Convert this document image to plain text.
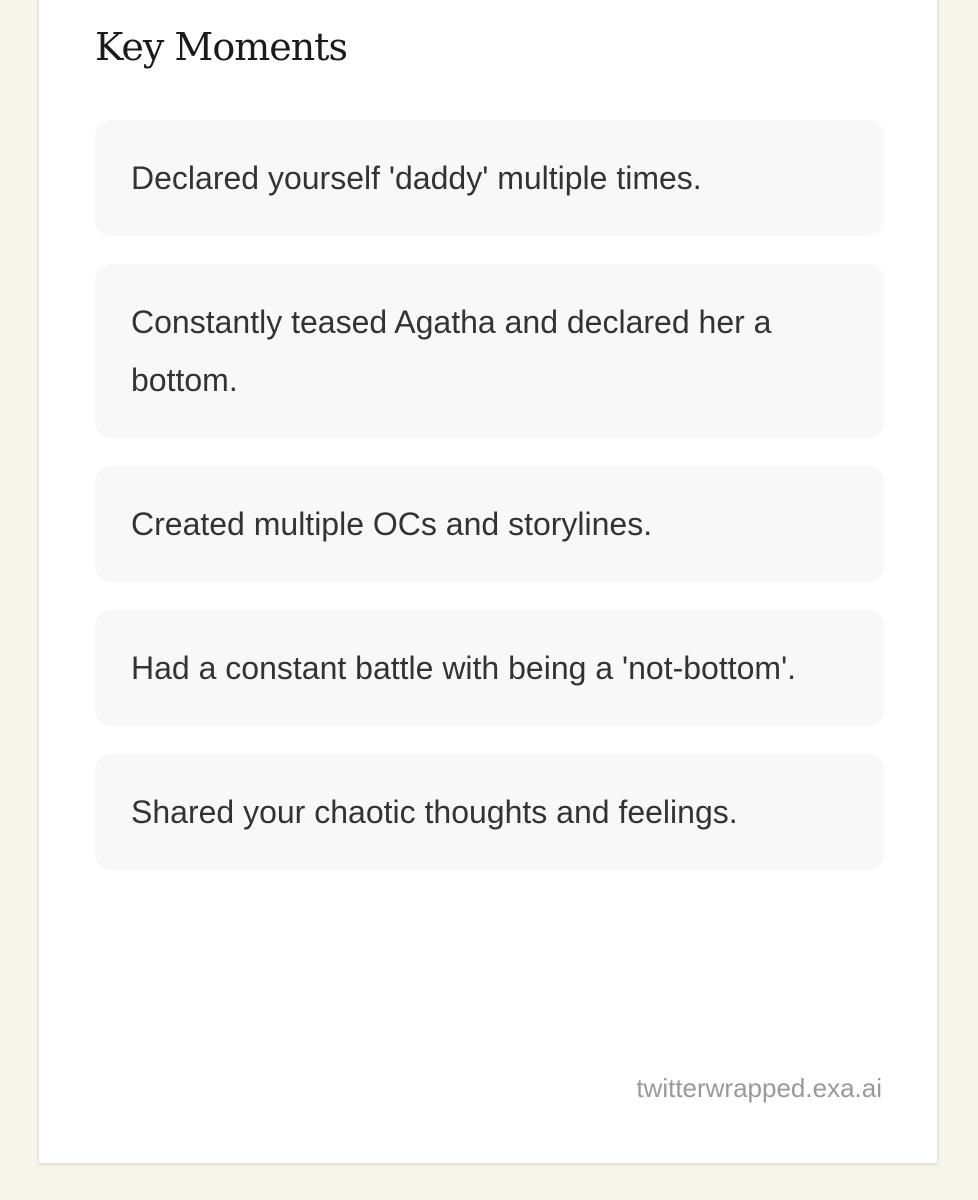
Key Moments
Declared yourself 'daddy' multiple times.
Constantly teased Agatha and declared her a bottom.
Created multiple OCs and storylines.
Had a constant battle with being a 'not-bottom'.
Shared your chaotic thoughts and feelings.
twitterwrapped.exa.ai
